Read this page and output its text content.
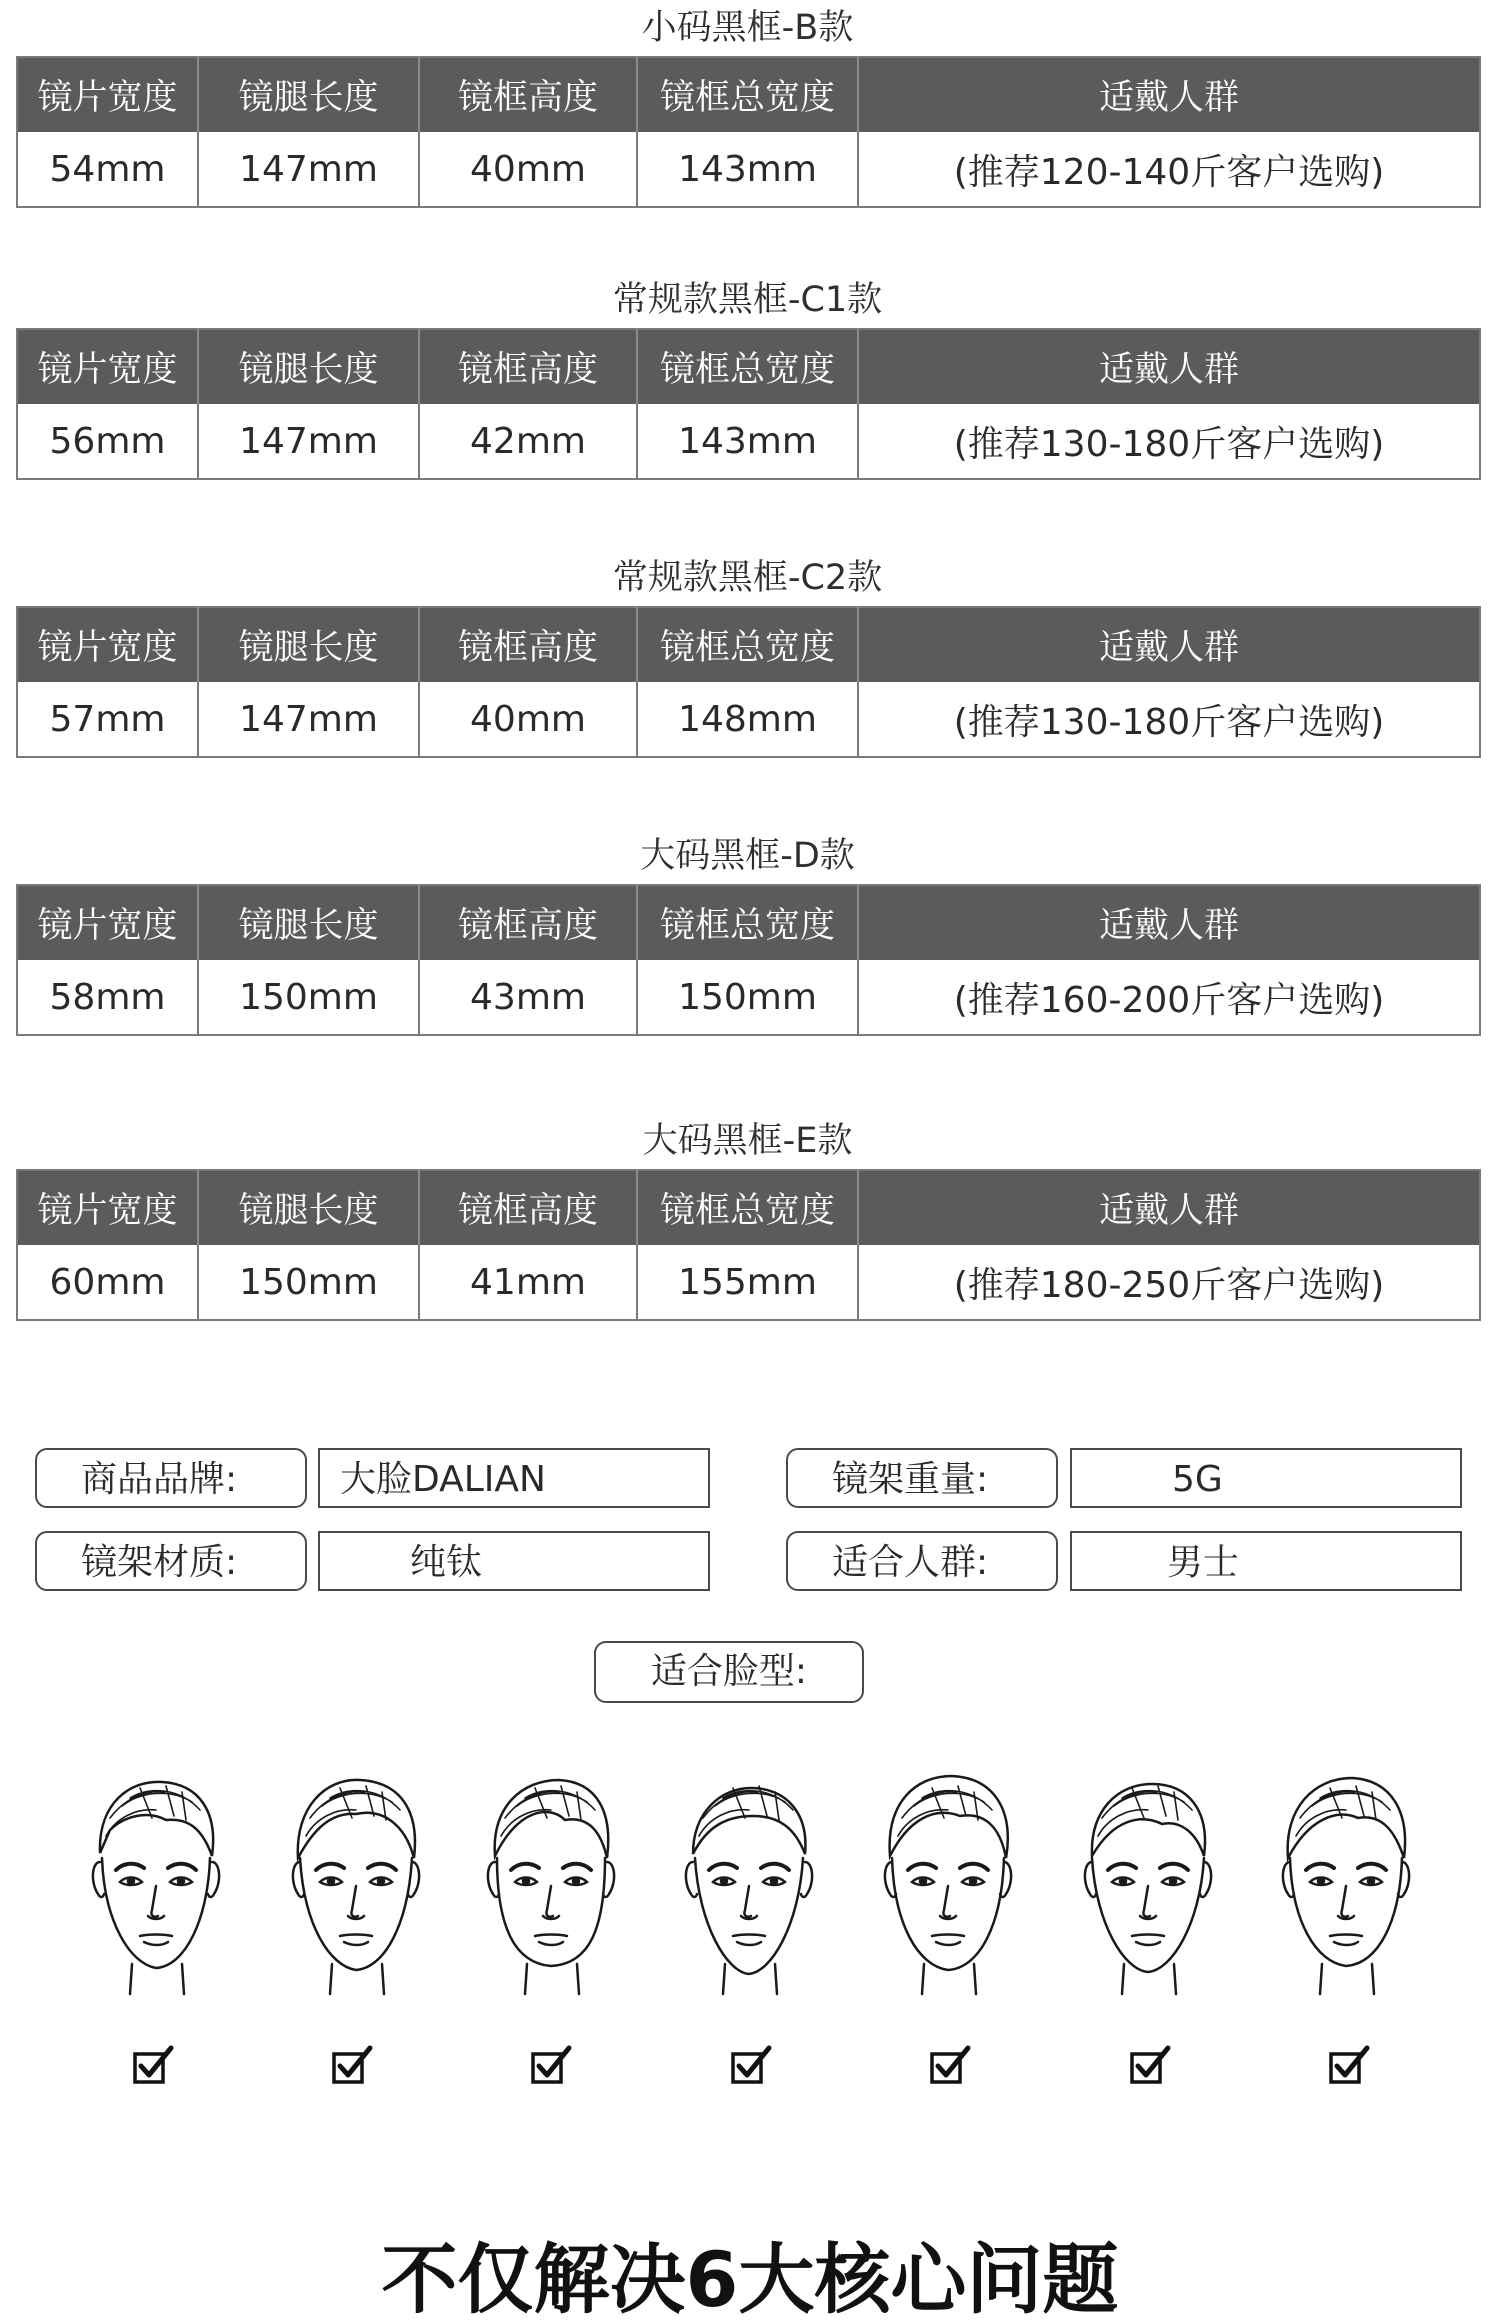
小码黑框-B款
镜片宽度	镜腿长度	镜框高度	镜框总宽度	适戴人群
54mm	147mm	40mm	143mm	(推荐120-140斤客户选购)
常规款黑框-C1款
镜片宽度	镜腿长度	镜框高度	镜框总宽度	适戴人群
56mm	147mm	42mm	143mm	(推荐130-180斤客户选购)
常规款黑框-C2款
镜片宽度	镜腿长度	镜框高度	镜框总宽度	适戴人群
57mm	147mm	40mm	148mm	(推荐130-180斤客户选购)
大码黑框-D款
镜片宽度	镜腿长度	镜框高度	镜框总宽度	适戴人群
58mm	150mm	43mm	150mm	(推荐160-200斤客户选购)
大码黑框-E款
镜片宽度	镜腿长度	镜框高度	镜框总宽度	适戴人群
60mm	150mm	41mm	155mm	(推荐180-250斤客户选购)
商品品牌:	大脸DALIAN	镜架重量:	5G
镜架材质:	纯钛	适合人群:	男士
适合脸型:
不仅解决6大核心问题
